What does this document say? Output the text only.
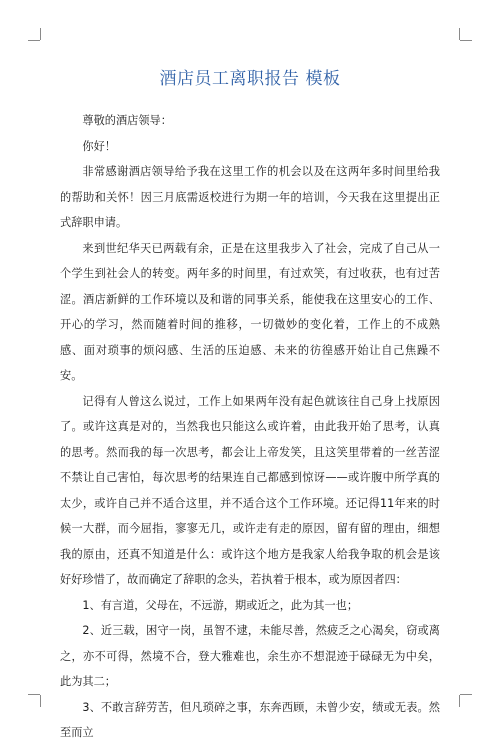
酒店员工离职报告 模板

尊敬的酒店领导：

你好！

非常感谢酒店领导给予我在这里工作的机会以及在这两年多时间里给我的帮助和关怀！因三月底需返校进行为期一年的培训，今天我在这里提出正式辞职申请。

来到世纪华天已两载有余，正是在这里我步入了社会，完成了自己从一个学生到社会人的转变。两年多的时间里，有过欢笑，有过收获，也有过苦涩。酒店新鲜的工作环境以及和谐的同事关系，能使我在这里安心的工作、开心的学习，然而随着时间的推移，一切微妙的变化着，工作上的不成熟感、面对琐事的烦闷感、生活的压迫感、未来的彷徨感开始让自己焦躁不安。

记得有人曾这么说过，工作上如果两年没有起色就该往自己身上找原因了。或许这真是对的，当然我也只能这么或许着，由此我开始了思考，认真的思考。然而我的每一次思考，都会让上帝发笑，且这笑里带着的一丝苦涩不禁让自己害怕，每次思考的结果连自己都感到惊讶——或许腹中所学真的太少，或许自己并不适合这里，并不适合这个工作环境。还记得11年来的时候一大群，而今屈指，寥寥无几，或许走有走的原因，留有留的理由，细想我的原由，还真不知道是什么：或许这个地方是我家人给我争取的机会是该好好珍惜了，故而确定了辞职的念头，若执着于根本，或为原因者四：

1、有言道，父母在，不远游，期或近之，此为其一也；

2、近三载，困守一岗，虽智不逮，未能尽善，然疲乏之心渴矣，窃或离之，亦不可得，然境不合，登大雅难也，余生亦不想混迹于碌碌无为中矣，此为其二；

3、不敢言辞劳苦，但凡琐碎之事，东奔西顾，未曾少安，绩或无表。然至而立
